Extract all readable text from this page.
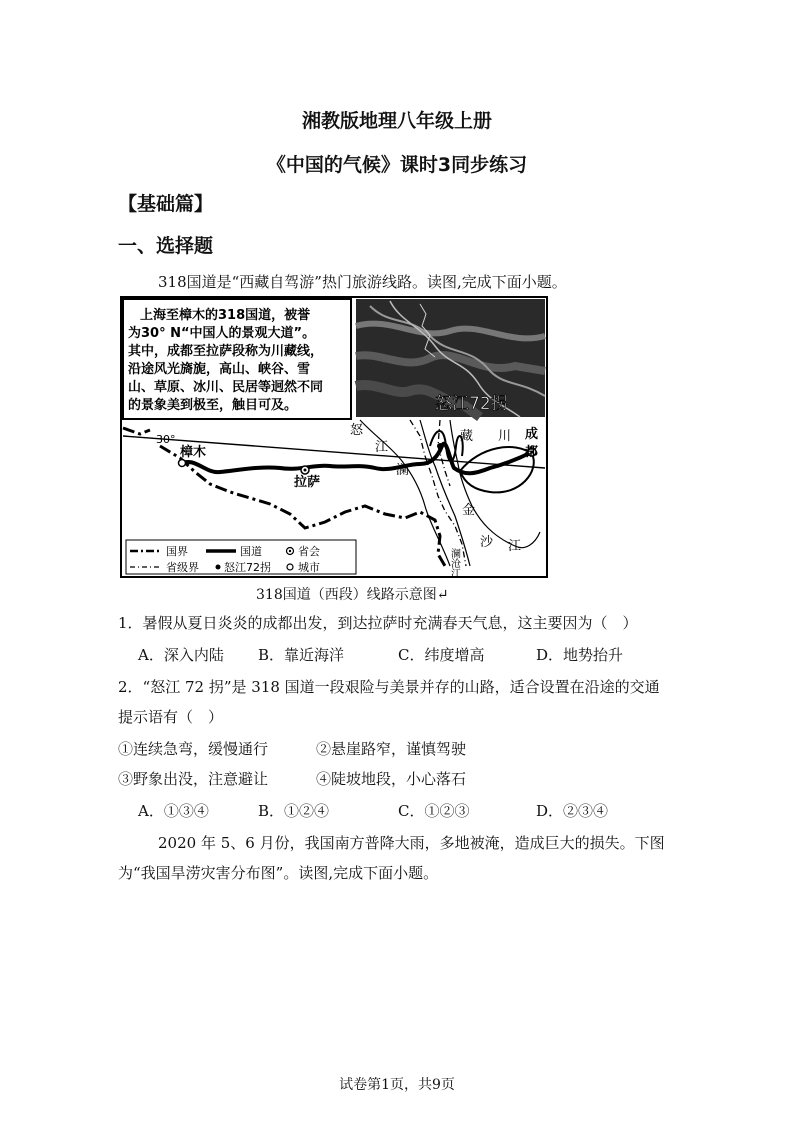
湘教版地理八年级上册
《中国的气候》课时3同步练习
【基础篇】
一、选择题
318国道是“西藏自驾游”热门旅游线路。读图,完成下面小题。
上海至樟木的318国道，被誉
为30° N“中国人的景观大道”。
其中，成都至拉萨段称为川藏线，
沿途风光旖旎，高山、峡谷、雪
山、草原、冰川、民居等迥然不同
的景象美到极至，触目可及。	怒江72拐
30°
樟木
拉萨
成
都
怒
江
澜
藏 川
金
沙 江
澜沧江
国界	国道	省会
省级界 怒江72拐 城市
318国道（西段）线路示意图↵
1．暑假从夏日炎炎的成都出发，到达拉萨时充满春天气息，这主要因为（　）
A．深入内陆 B．靠近海洋	C．纬度增高	D．地势抬升
2．“怒江 72 拐”是 318 国道一段艰险与美景并存的山路，适合设置在沿途的交通
提示语有（　）
①连续急弯，缓慢通行	②悬崖路窄，谨慎驾驶
③野象出没，注意避让	④陡坡地段，小心落石
A．①③④	B．①②④	C．①②③	D．②③④
2020 年 5、6 月份，我国南方普降大雨，多地被淹，造成巨大的损失。下图
为“我国旱涝灾害分布图”。读图,完成下面小题。
试卷第1页，共9页
